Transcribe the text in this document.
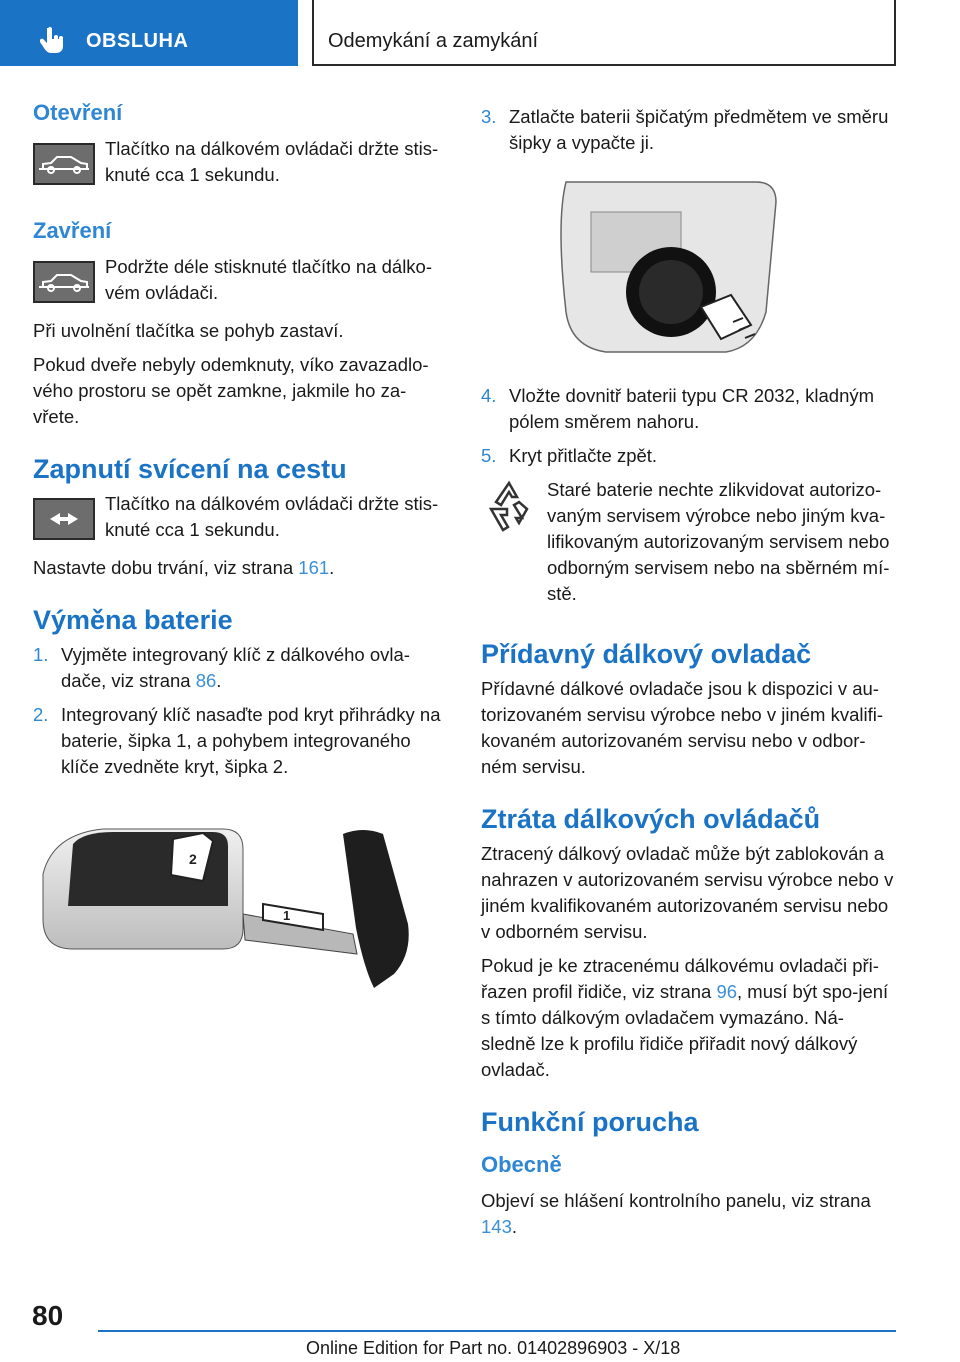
OBSLUHA	Odemykání a zamykání
Otevření
Tlačítko na dálkovém ovládači držte stis-knuté cca 1 sekundu.
Zavření
Podržte déle stisknuté tlačítko na dálko-vém ovládači.

Při uvolnění tlačítka se pohyb zastaví.

Pokud dveře nebyly odemknuty, víko zavazadlo-vého prostoru se opět zamkne, jakmile ho za-vřete.

Zapnutí svícení na cestu
Tlačítko na dálkovém ovládači držte stis-knuté cca 1 sekundu.

Nastavte dobu trvání, viz strana 161.

Výměna baterie
1. Vyjměte integrovaný klíč z dálkového ovla-dače, viz strana 86.
2. Integrovaný klíč nasaďte pod kryt přihrádky na baterie, šipka 1, a pohybem integrovaného klíče zvedněte kryt, šipka 2.
2
1
3. Zatlačte baterii špičatým předmětem ve směru šipky a vypačte ji.
4. Vložte dovnitř baterii typu CR 2032, kladným pólem směrem nahoru.
5. Kryt přitlačte zpět.

Staré baterie nechte zlikvidovat autorizo-vaným servisem výrobce nebo jiným kva-lifikovaným autorizovaným servisem nebo odborným servisem nebo na sběrném mí-stě.

Přídavný dálkový ovladač

Přídavné dálkové ovladače jsou k dispozici v au-torizovaném servisu výrobce nebo v jiném kvalifi-kovaném autorizovaném servisu nebo v odbor-ném servisu.

Ztráta dálkových ovládačů

Ztracený dálkový ovladač může být zablokován a nahrazen v autorizovaném servisu výrobce nebo v jiném kvalifikovaném autorizovaném servisu nebo v odborném servisu.

Pokud je ke ztracenému dálkovému ovladači při-řazen profil řidiče, viz strana 96, musí být spo-jení s tímto dálkovým ovladačem vymazáno. Ná-sledně lze k profilu řidiče přiřadit nový dálkový ovladač.

Funkční porucha
Obecně

Objeví se hlášení kontrolního panelu, viz strana 143.

80
Online Edition for Part no. 01402896903 - X/18
